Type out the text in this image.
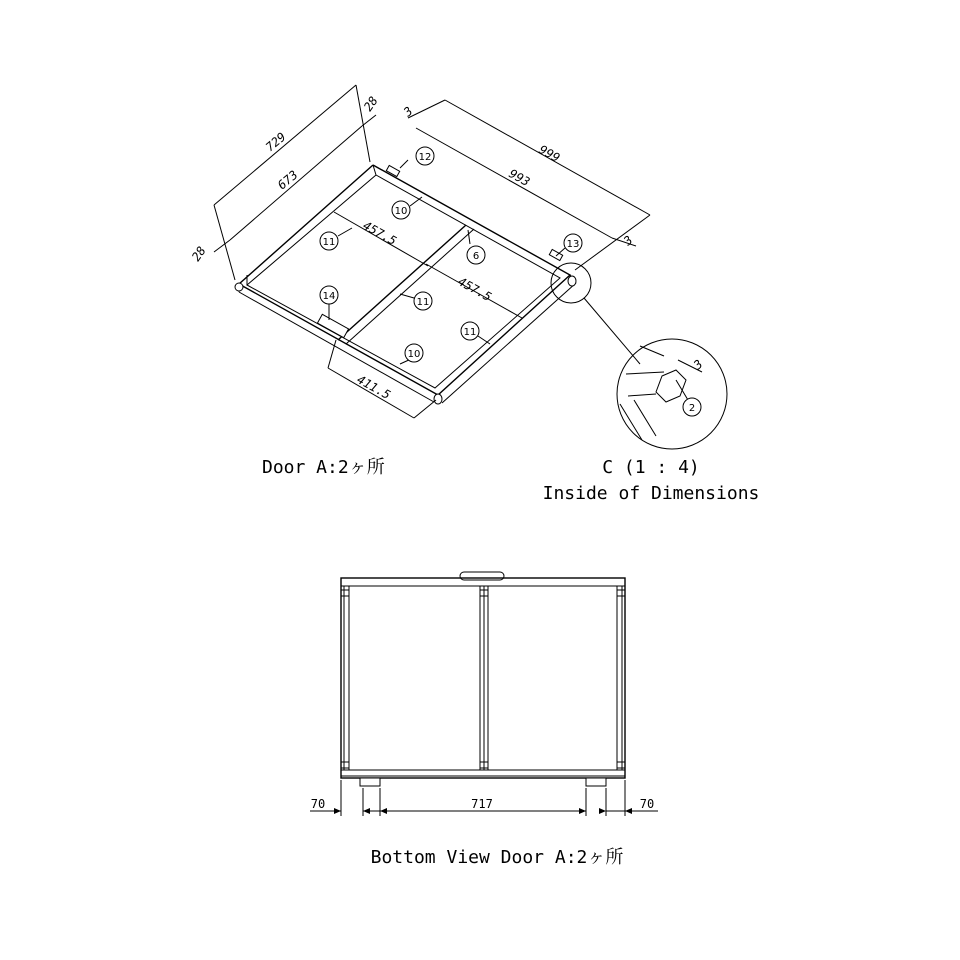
729
673
28
28
3
999
993
3
457.5
457.5
411.5
12
10
11
6
13
14
11
11
10
2
3
Door A:2ヶ所	C (1 : 4)
Inside of Dimensions
70	717	70
Bottom View Door A:2ヶ所
